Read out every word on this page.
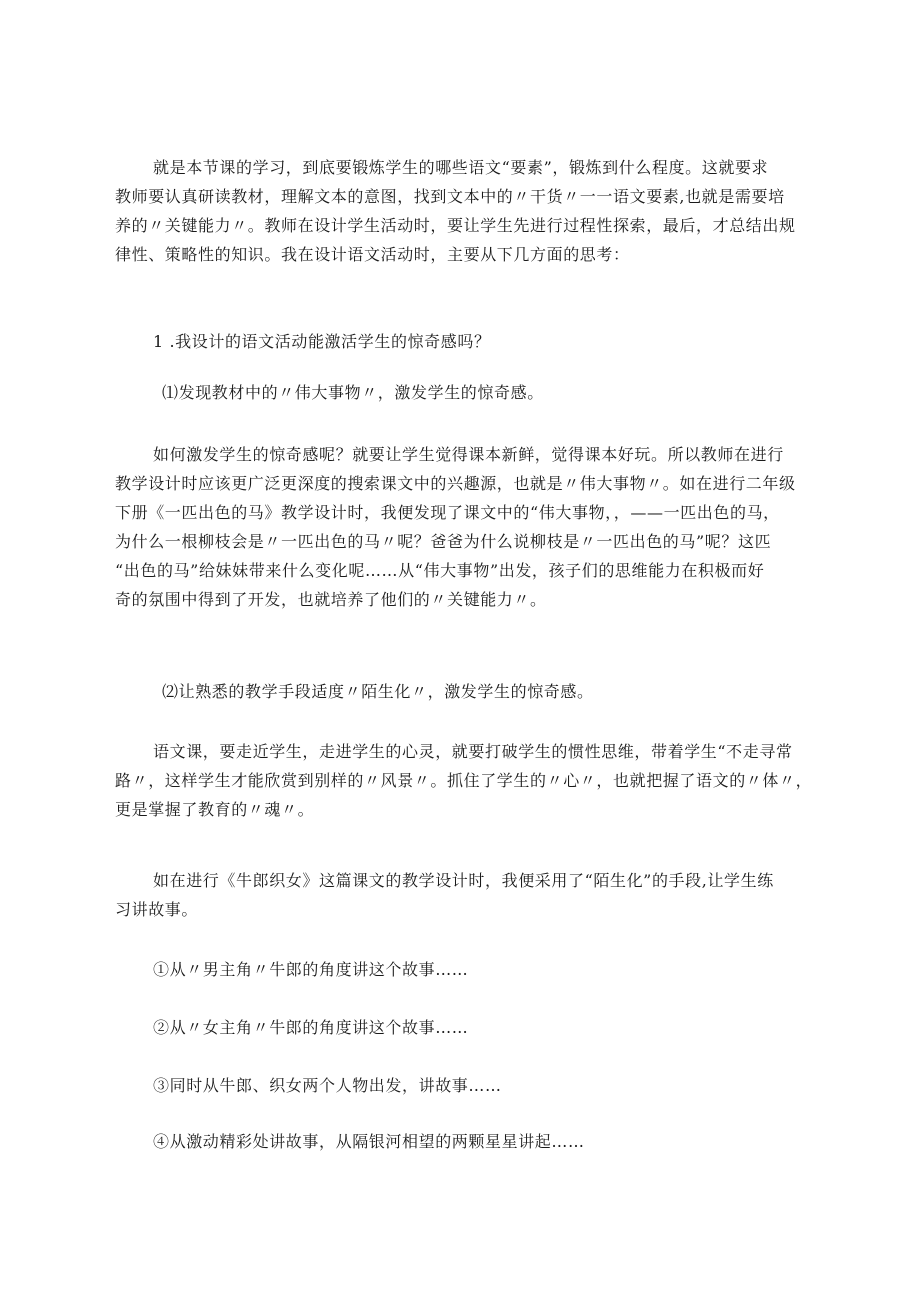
就是本节课的学习，到底要锻炼学生的哪些语文“要素”，锻炼到什么程度。这就要求
教师要认真研读教材，理解文本的意图，找到文本中的〃干货〃一一语文要素,也就是需要培
养的〃关键能力〃。教师在设计学生活动时，要让学生先进行过程性探索，最后，才总结出规
律性、策略性的知识。我在设计语文活动时，主要从下几方面的思考：

1 .我设计的语文活动能激活学生的惊奇感吗？

⑴发现教材中的〃伟大事物〃，激发学生的惊奇感。

如何激发学生的惊奇感呢？就要让学生觉得课本新鲜，觉得课本好玩。所以教师在进行
教学设计时应该更广泛更深度的搜索课文中的兴趣源，也就是〃伟大事物〃。如在进行二年级
下册《一匹出色的马》教学设计时，我便发现了课文中的“伟大事物，，——一匹出色的马，
为什么一根柳枝会是〃一匹出色的马〃呢？爸爸为什么说柳枝是〃一匹出色的马”呢？这匹
“出色的马”给妹妹带来什么变化呢……从“伟大事物”出发，孩子们的思维能力在积极而好
奇的氛围中得到了开发，也就培养了他们的〃关键能力〃。

⑵让熟悉的教学手段适度〃陌生化〃，激发学生的惊奇感。

语文课，要走近学生，走进学生的心灵，就要打破学生的惯性思维，带着学生“不走寻常
路〃，这样学生才能欣赏到别样的〃风景〃。抓住了学生的〃心〃，也就把握了语文的〃体〃，
更是掌握了教育的〃魂〃。

如在进行《牛郎织女》这篇课文的教学设计时，我便采用了“陌生化”的手段,让学生练
习讲故事。

①从〃男主角〃牛郎的角度讲这个故事……

②从〃女主角〃牛郎的角度讲这个故事……

③同时从牛郎、织女两个人物出发，讲故事……

④从激动精彩处讲故事，从隔银河相望的两颗星星讲起……
